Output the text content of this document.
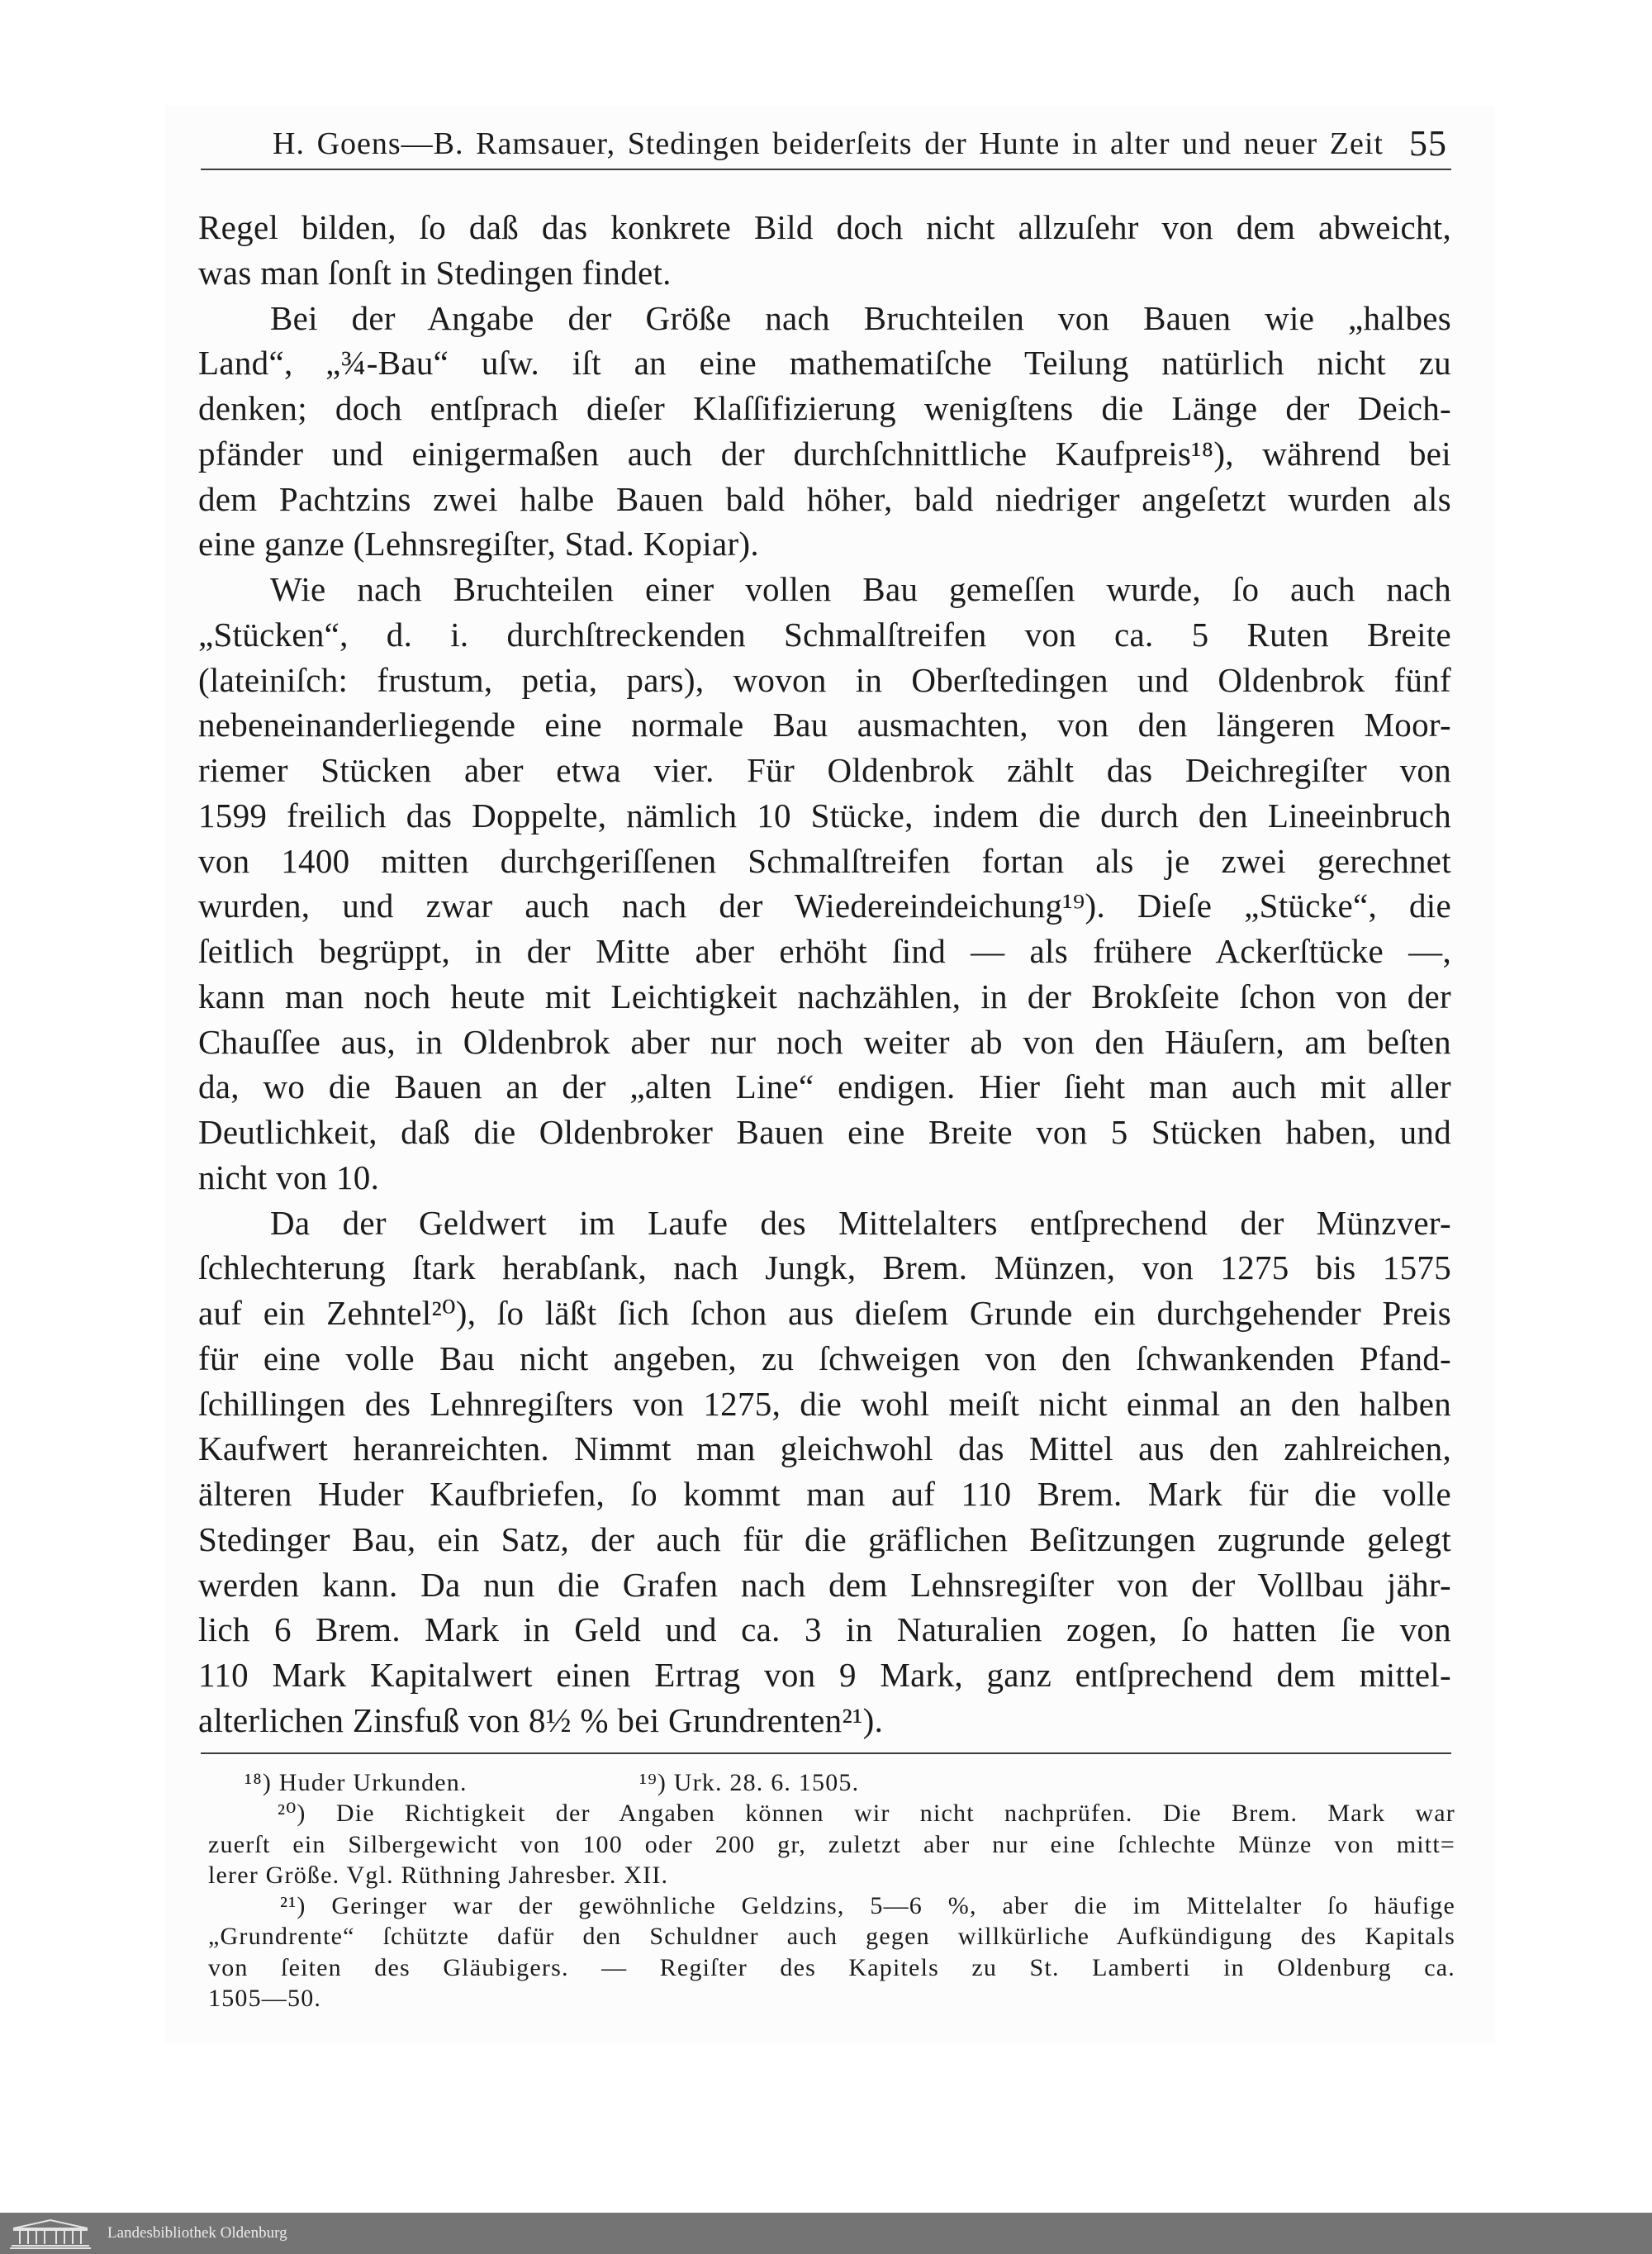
H. Goens—B. Ramsauer, Stedingen beiderſeits der Hunte in alter und neuer Zeit 55
Regel bilden, ſo daß das konkrete Bild doch nicht allzuſehr von dem abweicht,
was man ſonſt in Stedingen findet.
Bei der Angabe der Größe nach Bruchteilen von Bauen wie „halbes
Land“, „¾-Bau“ uſw. iſt an eine mathematiſche Teilung natürlich nicht zu
denken; doch entſprach dieſer Klaſſifizierung wenigſtens die Länge der Deich-
pfänder und einigermaßen auch der durchſchnittliche Kaufpreis¹⁸), während bei
dem Pachtzins zwei halbe Bauen bald höher, bald niedriger angeſetzt wurden als
eine ganze (Lehnsregiſter, Stad. Kopiar).
Wie nach Bruchteilen einer vollen Bau gemeſſen wurde, ſo auch nach
„Stücken“, d. i. durchſtreckenden Schmalſtreifen von ca. 5 Ruten Breite
(lateiniſch: frustum, petia, pars), wovon in Oberſtedingen und Oldenbrok fünf
nebeneinanderliegende eine normale Bau ausmachten, von den längeren Moor-
riemer Stücken aber etwa vier. Für Oldenbrok zählt das Deichregiſter von
1599 freilich das Doppelte, nämlich 10 Stücke, indem die durch den Lineeinbruch
von 1400 mitten durchgeriſſenen Schmalſtreifen fortan als je zwei gerechnet
wurden, und zwar auch nach der Wiedereindeichung¹⁹). Dieſe „Stücke“, die
ſeitlich begrüppt, in der Mitte aber erhöht ſind — als frühere Ackerſtücke —,
kann man noch heute mit Leichtigkeit nachzählen, in der Brokſeite ſchon von der
Chauſſee aus, in Oldenbrok aber nur noch weiter ab von den Häuſern, am beſten
da, wo die Bauen an der „alten Line“ endigen. Hier ſieht man auch mit aller
Deutlichkeit, daß die Oldenbroker Bauen eine Breite von 5 Stücken haben, und
nicht von 10.
Da der Geldwert im Laufe des Mittelalters entſprechend der Münzver-
ſchlechterung ſtark herabſank, nach Jungk, Brem. Münzen, von 1275 bis 1575
auf ein Zehntel²⁰), ſo läßt ſich ſchon aus dieſem Grunde ein durchgehender Preis
für eine volle Bau nicht angeben, zu ſchweigen von den ſchwankenden Pfand-
ſchillingen des Lehnregiſters von 1275, die wohl meiſt nicht einmal an den halben
Kaufwert heranreichten. Nimmt man gleichwohl das Mittel aus den zahlreichen,
älteren Huder Kaufbriefen, ſo kommt man auf 110 Brem. Mark für die volle
Stedinger Bau, ein Satz, der auch für die gräflichen Beſitzungen zugrunde gelegt
werden kann. Da nun die Grafen nach dem Lehnsregiſter von der Vollbau jähr-
lich 6 Brem. Mark in Geld und ca. 3 in Naturalien zogen, ſo hatten ſie von
110 Mark Kapitalwert einen Ertrag von 9 Mark, ganz entſprechend dem mittel-
alterlichen Zinsfuß von 8½ % bei Grundrenten²¹).
¹⁸) Huder Urkunden.	¹⁹) Urk. 28. 6. 1505.
²⁰) Die Richtigkeit der Angaben können wir nicht nachprüfen. Die Brem. Mark war
zuerſt ein Silbergewicht von 100 oder 200 gr, zuletzt aber nur eine ſchlechte Münze von mitt=
lerer Größe. Vgl. Rüthning Jahresber. XII.
²¹) Geringer war der gewöhnliche Geldzins, 5—6 %, aber die im Mittelalter ſo häufige
„Grundrente“ ſchützte dafür den Schuldner auch gegen willkürliche Aufkündigung des Kapitals
von ſeiten des Gläubigers. — Regiſter des Kapitels zu St. Lamberti in Oldenburg ca.
1505—50.
Landesbibliothek Oldenburg
